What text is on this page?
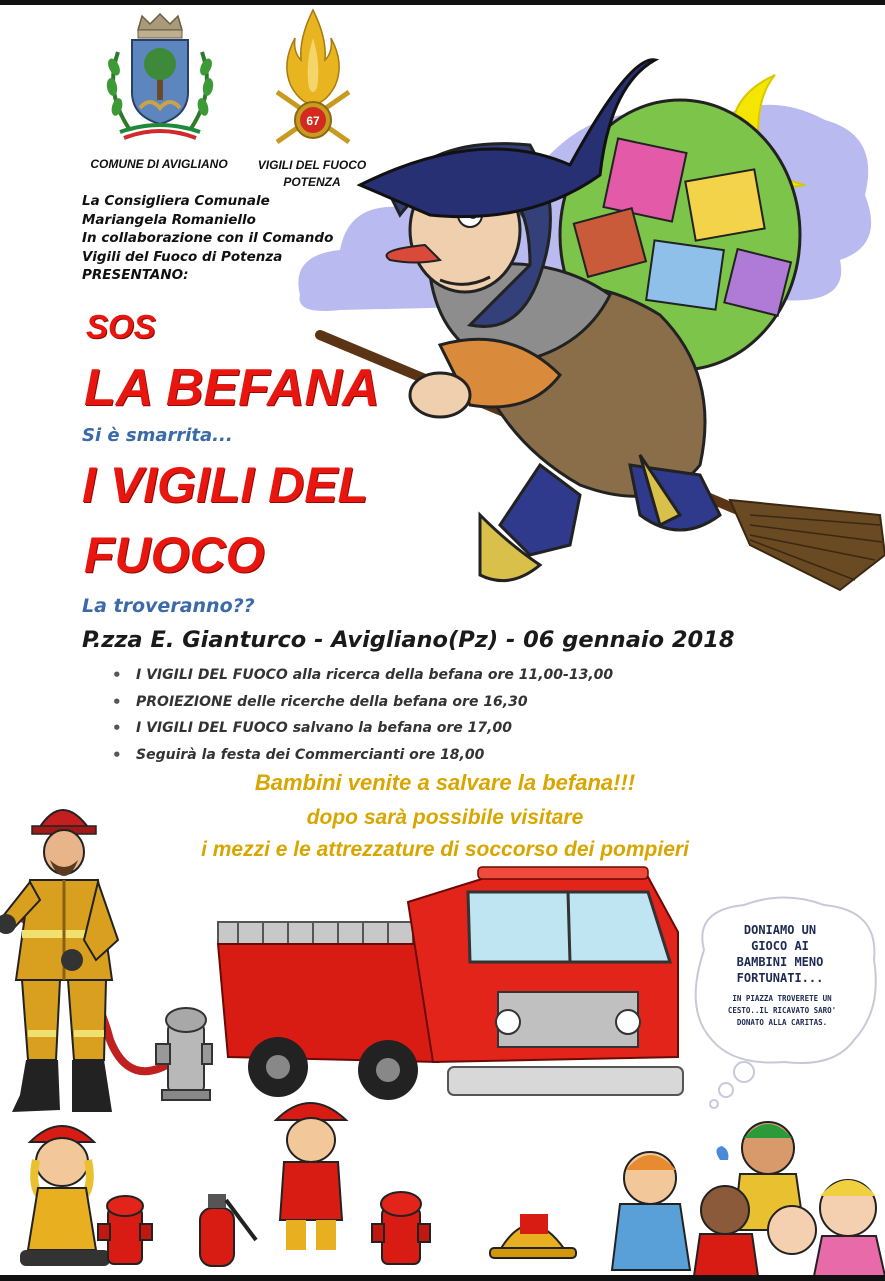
67
COMUNE DI AVIGLIANO	VIGILI DEL FUOCO
POTENZA
La Consigliera Comunale
Mariangela Romaniello
In collaborazione con il Comando
Vigili del Fuoco di Potenza
PRESENTANO:
SOS
LA BEFANA
Si è smarrita...
I VIGILI DEL
FUOCO
La troveranno??
P.zza E. Gianturco - Avigliano(Pz) - 06 gennaio 2018
• I VIGILI DEL FUOCO alla ricerca della befana ore 11,00-13,00
• PROIEZIONE delle ricerche della befana ore 16,30
• I VIGILI DEL FUOCO salvano la befana ore 17,00
• Seguirà la festa dei Commercianti ore 18,00
Bambini venite a salvare la befana!!!
dopo sarà possibile visitare
i mezzi e le attrezzature di soccorso dei pompieri
DONIAMO UN
GIOCO AI
BAMBINI MENO
FORTUNATI...
IN PIAZZA TROVERETE UN
CESTO..IL RICAVATO SARO'
DONATO ALLA CARITAS.
